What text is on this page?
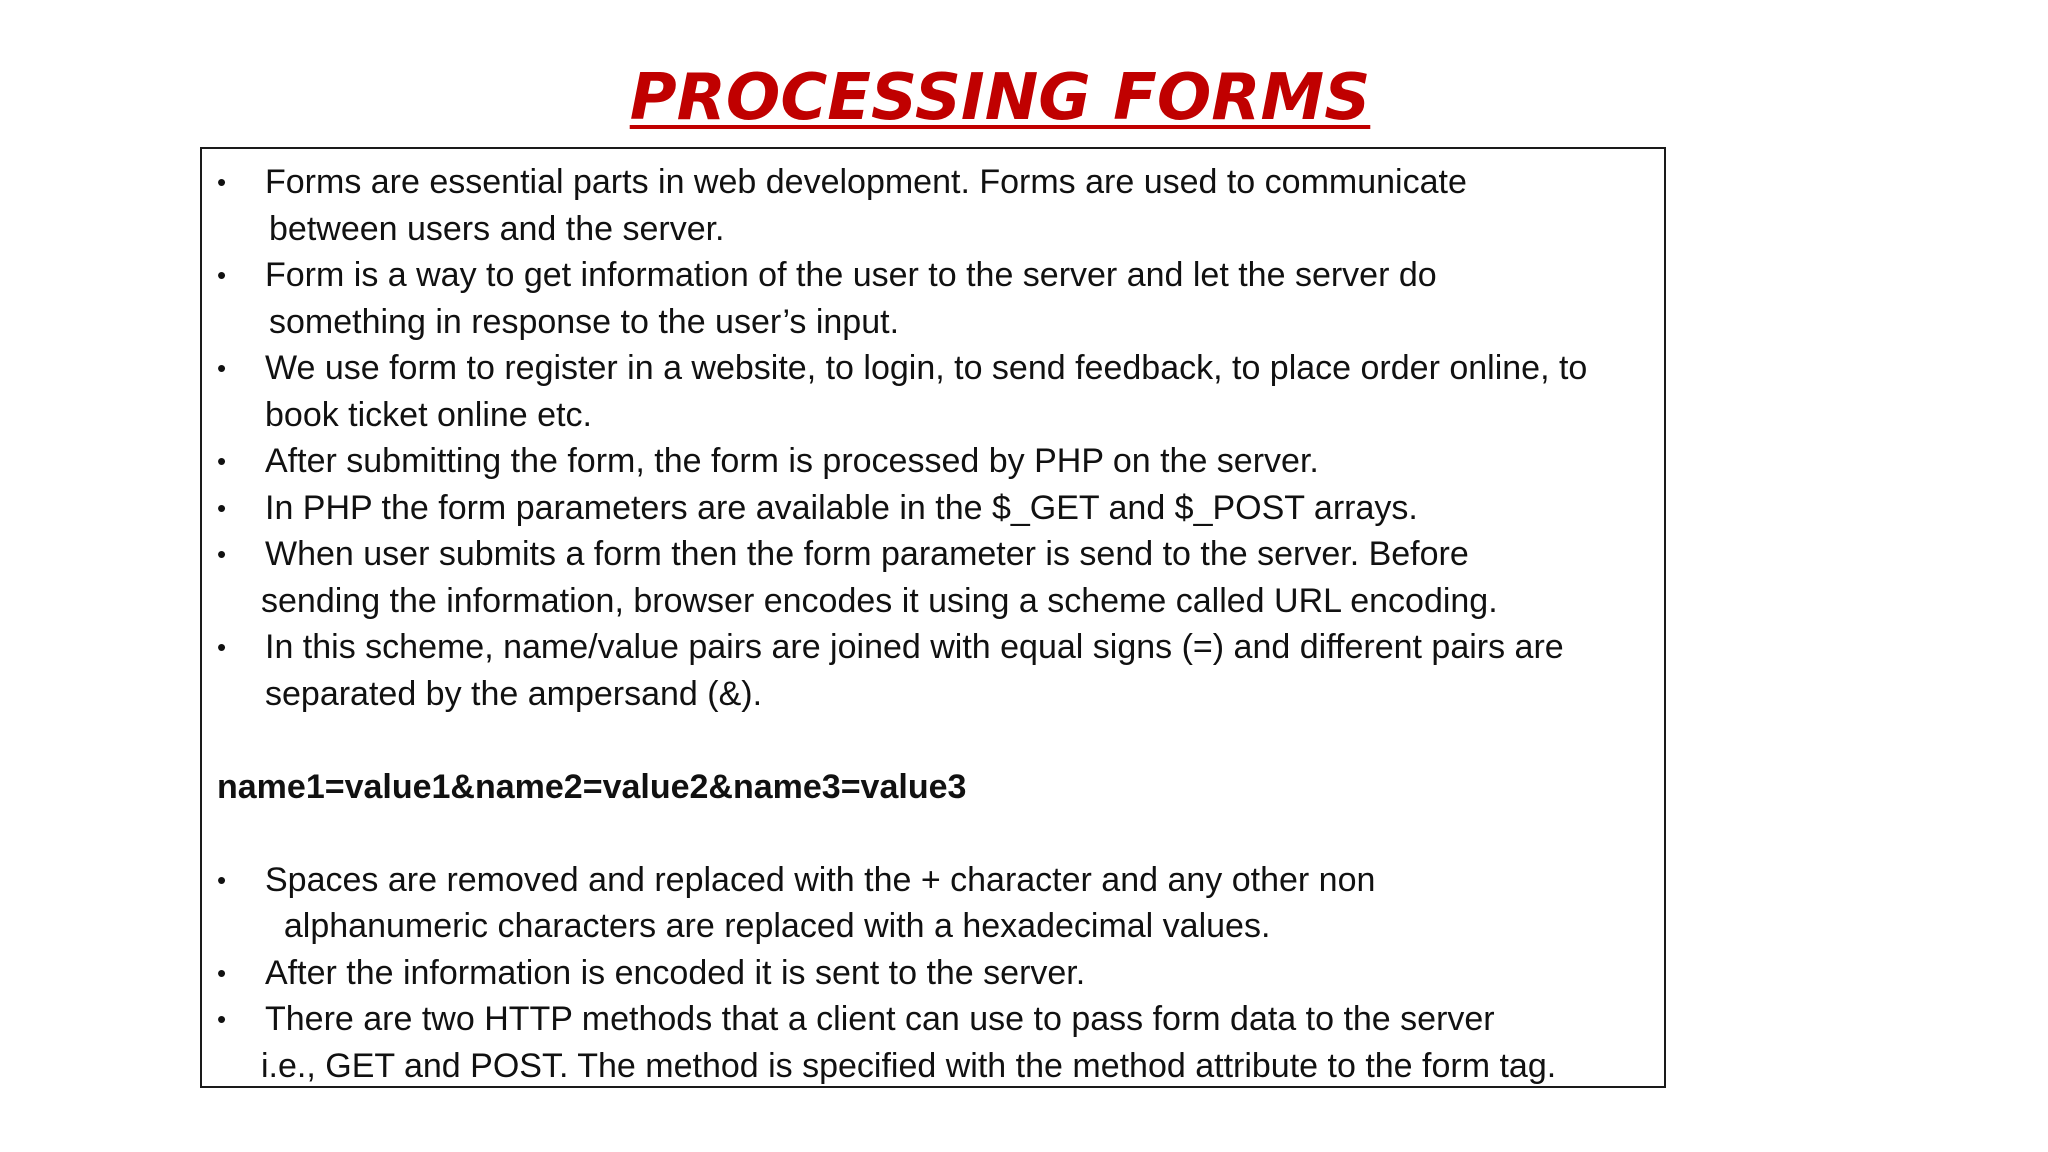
PROCESSING FORMS
•	Forms are essential parts in web development. Forms are used to communicate
between users and the server.
•	Form is a way to get information of the user to the server and let the server do
something in response to the user’s input.
•	We use form to register in a website, to login, to send feedback, to place order online, to
book ticket online etc.
•	After submitting the form, the form is processed by PHP on the server.
•	In PHP the form parameters are available in the $_GET and $_POST arrays.
•	When user submits a form then the form parameter is send to the server. Before
sending the information, browser encodes it using a scheme called URL encoding.
•	In this scheme, name/value pairs are joined with equal signs (=) and different pairs are
separated by the ampersand (&).
name1=value1&name2=value2&name3=value3
•	Spaces are removed and replaced with the + character and any other non
alphanumeric characters are replaced with a hexadecimal values.
•	After the information is encoded it is sent to the server.
•	There are two HTTP methods that a client can use to pass form data to the server
i.e., GET and POST. The method is specified with the method attribute to the form tag.
